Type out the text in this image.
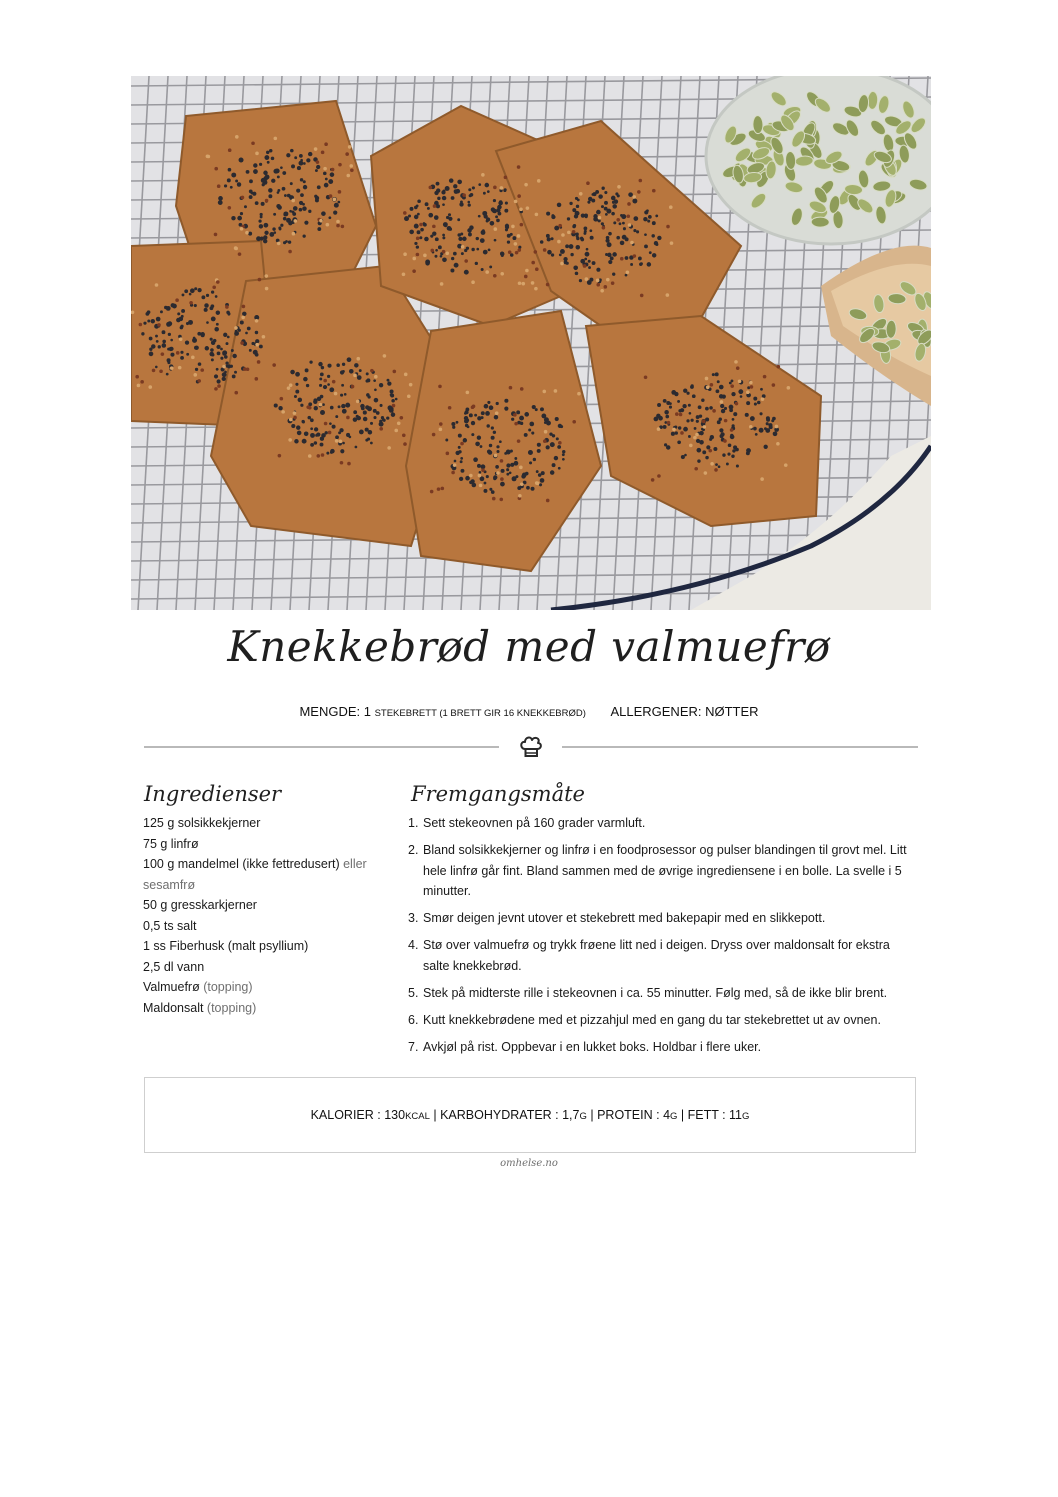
Knekkebrød med valmuefrø
MENGDE: 1 STEKEBRETT (1 BRETT GIR 16 KNEKKEBRØD) ALLERGENER: NØTTER
Ingredienser
125 g solsikkekjerner
75 g linfrø
100 g mandelmel (ikke fettredusert) eller sesamfrø
50 g gresskarkjerner
0,5 ts salt
1 ss Fiberhusk (malt psyllium)
2,5 dl vann
Valmuefrø (topping)
Maldonsalt (topping)
Fremgangsmåte
1. Sett stekeovnen på 160 grader varmluft.
2. Bland solsikkekjerner og linfrø i en foodprosessor og pulser blandingen til grovt mel. Litt hele linfrø går fint. Bland sammen med de øvrige ingrediensene i en bolle. La svelle i 5 minutter.
3. Smør deigen jevnt utover et stekebrett med bakepapir med en slikkepott.
4. Stø over valmuefrø og trykk frøene litt ned i deigen. Dryss over maldonsalt for ekstra salte knekkebrød.
5. Stek på midterste rille i stekeovnen i ca. 55 minutter. Følg med, så de ikke blir brent.
6. Kutt knekkebrødene med et pizzahjul med en gang du tar stekebrettet ut av ovnen.
7. Avkjøl på rist. Oppbevar i en lukket boks. Holdbar i flere uker.
KALORIER : 130KCAL | KARBOHYDRATER : 1,7G | PROTEIN : 4G | FETT : 11G
omhelse.no
